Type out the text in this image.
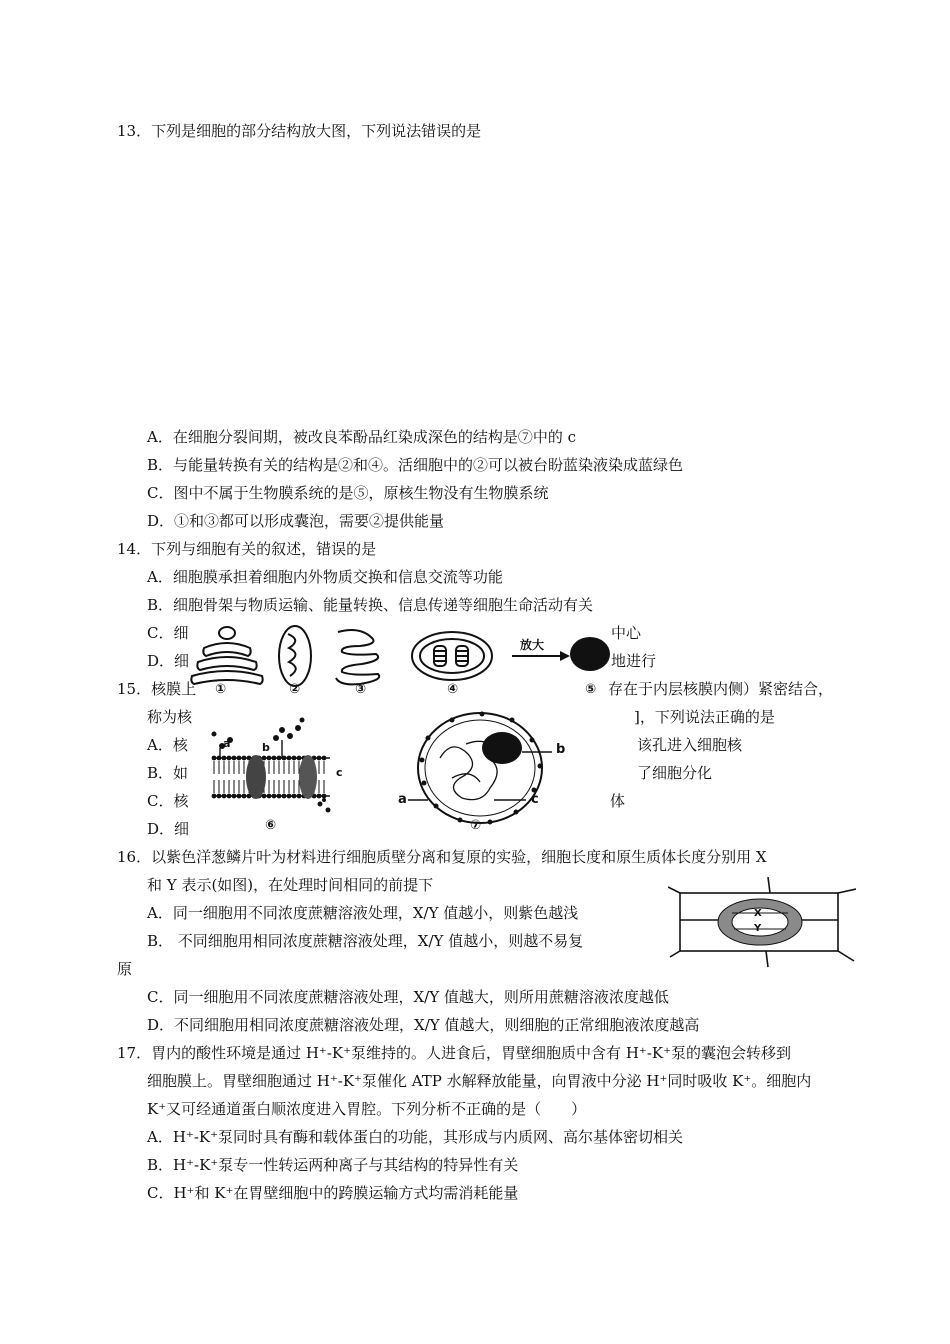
13．下列是细胞的部分结构放大图，下列说法错误的是
A．在细胞分裂间期，被改良苯酚品红染成深色的结构是⑦中的 c
B．与能量转换有关的结构是②和④。活细胞中的②可以被台盼蓝染液染成蓝绿色
C．图中不属于生物膜系统的是⑤，原核生物没有生物膜系统
D．①和③都可以形成囊泡，需要②提供能量
14．下列与细胞有关的叙述，错误的是
A．细胞膜承担着细胞内外物质交换和信息交流等功能
B．细胞骨架与物质运输、能量转换、信息传递等细胞生命活动有关
C．细	中心
D．细	地进行
15．核膜上	存在于内层核膜内侧）紧密结合，
称为核	]，下列说法正确的是
A．核	该孔进入细胞核
B．如	了细胞分化
C．核	体
D．细
①	②	③	④
放大
⑤
⑥	⑦
a	b
c
a
b
c
16．以紫色洋葱鳞片叶为材料进行细胞质壁分离和复原的实验，细胞长度和原生质体长度分别用 X
和 Y 表示(如图)，在处理时间相同的前提下
A．同一细胞用不同浓度蔗糖溶液处理，X/Y 值越小，则紫色越浅
B． 不同细胞用相同浓度蔗糖溶液处理，X/Y 值越小，则越不易复
原
C．同一细胞用不同浓度蔗糖溶液处理，X/Y 值越大，则所用蔗糖溶液浓度越低
D．不同细胞用相同浓度蔗糖溶液处理，X/Y 值越大，则细胞的正常细胞液浓度越高
X
Y
17．胃内的酸性环境是通过 H⁺-K⁺泵维持的。人进食后，胃壁细胞质中含有 H⁺-K⁺泵的囊泡会转移到
细胞膜上。胃壁细胞通过 H⁺-K⁺泵催化 ATP 水解释放能量，向胃液中分泌 H⁺同时吸收 K⁺。细胞内
K⁺又可经通道蛋白顺浓度进入胃腔。下列分析不正确的是（　　）
A．H⁺-K⁺泵同时具有酶和载体蛋白的功能，其形成与内质网、高尔基体密切相关
B．H⁺-K⁺泵专一性转运两种离子与其结构的特异性有关
C．H⁺和 K⁺在胃壁细胞中的跨膜运输方式均需消耗能量
